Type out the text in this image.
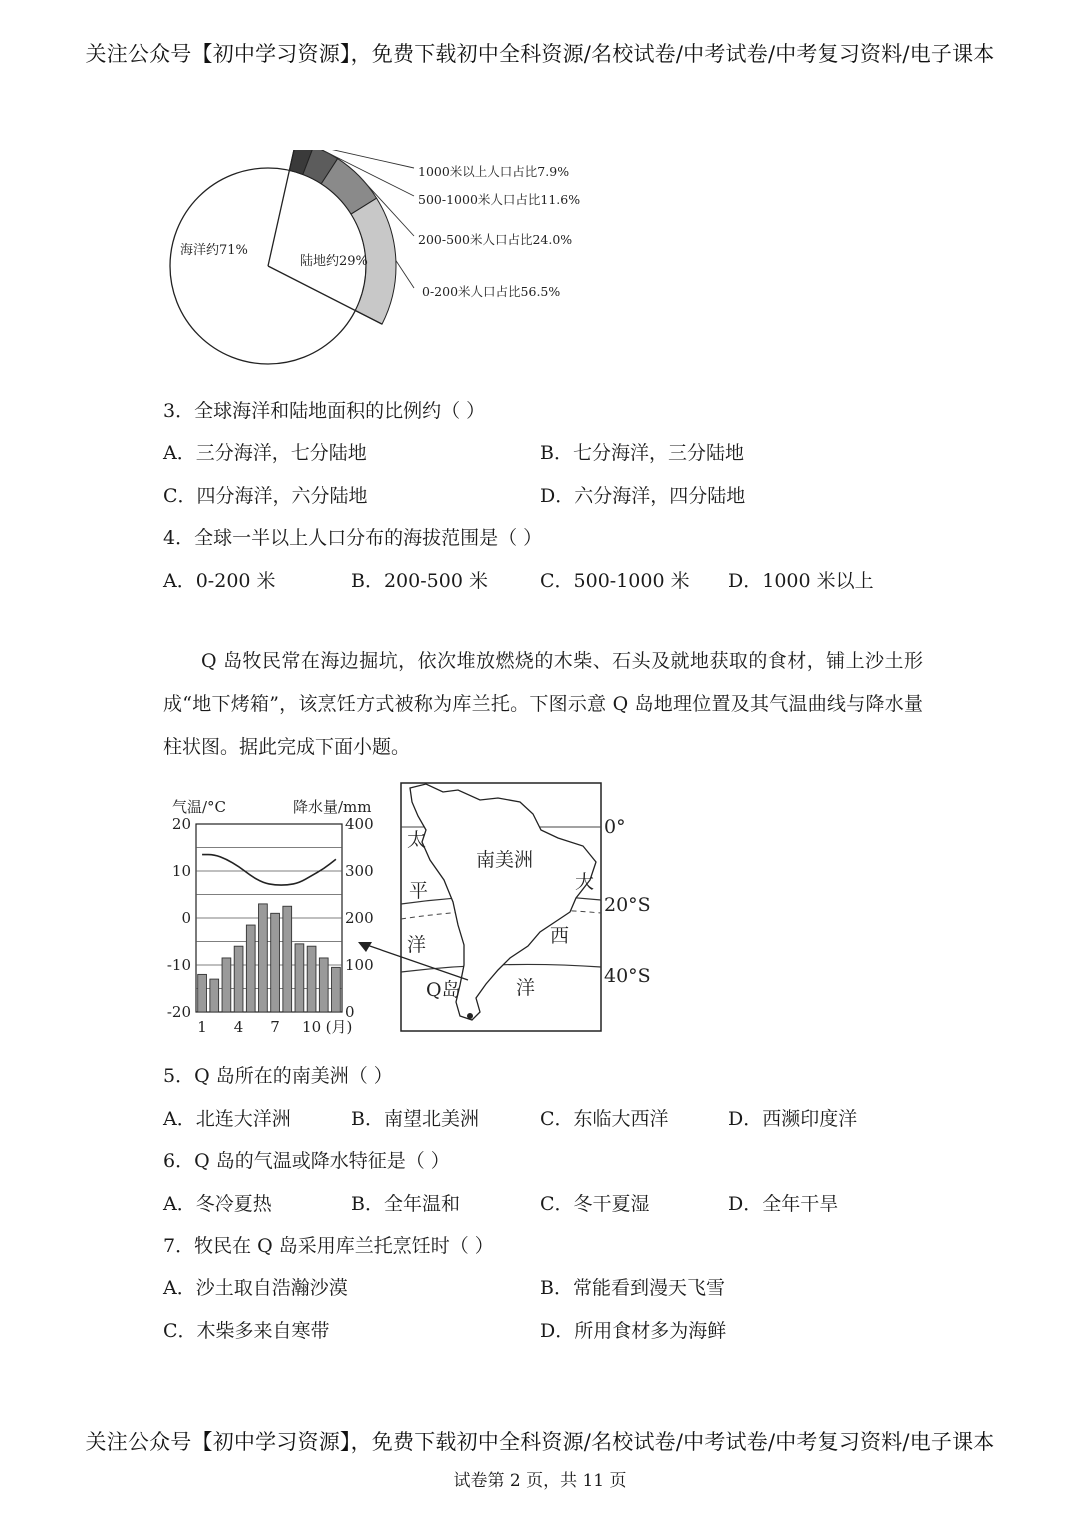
关注公众号【初中学习资源】，免费下载初中全科资源/名校试卷/中考试卷/中考复习资料/电子课本
海洋约71%
陆地约29%
1000米以上人口占比7.9%
500-1000米人口占比11.6%
200-500米人口占比24.0%
0-200米人口占比56.5%
3．全球海洋和陆地面积的比例约（ ）
A．三分海洋，七分陆地	B．七分海洋，三分陆地
C．四分海洋，六分陆地	D．六分海洋，四分陆地
4．全球一半以上人口分布的海拔范围是（ ）
A．0-200 米	B．200-500 米	C．500-1000 米 D．1000 米以上

Q 岛牧民常在海边掘坑，依次堆放燃烧的木柴、石头及就地获取的食材，铺上沙土形成“地下烤箱”，该烹饪方式被称为库兰托。下图示意 Q 岛地理位置及其气温曲线与降水量柱状图。据此完成下面小题。

气温/°C	降水量/mm
20
10
0
-10
-20
400
300
200
100
0
1 4 7 10 (月)
南美洲
太
平
洋
大
西
洋
0°
20°S
40°S
Q岛
5．Q 岛所在的南美洲（ ）
A．北连大洋洲	B．南望北美洲	C．东临大西洋	D．西濒印度洋
6．Q 岛的气温或降水特征是（ ）
A．冬冷夏热	B．全年温和	C．冬干夏湿	D．全年干旱
7．牧民在 Q 岛采用库兰托烹饪时（ ）
A．沙土取自浩瀚沙漠	B．常能看到漫天飞雪
C．木柴多来自寒带	D．所用食材多为海鲜
关注公众号【初中学习资源】，免费下载初中全科资源/名校试卷/中考试卷/中考复习资料/电子课本
试卷第 2 页，共 11 页
